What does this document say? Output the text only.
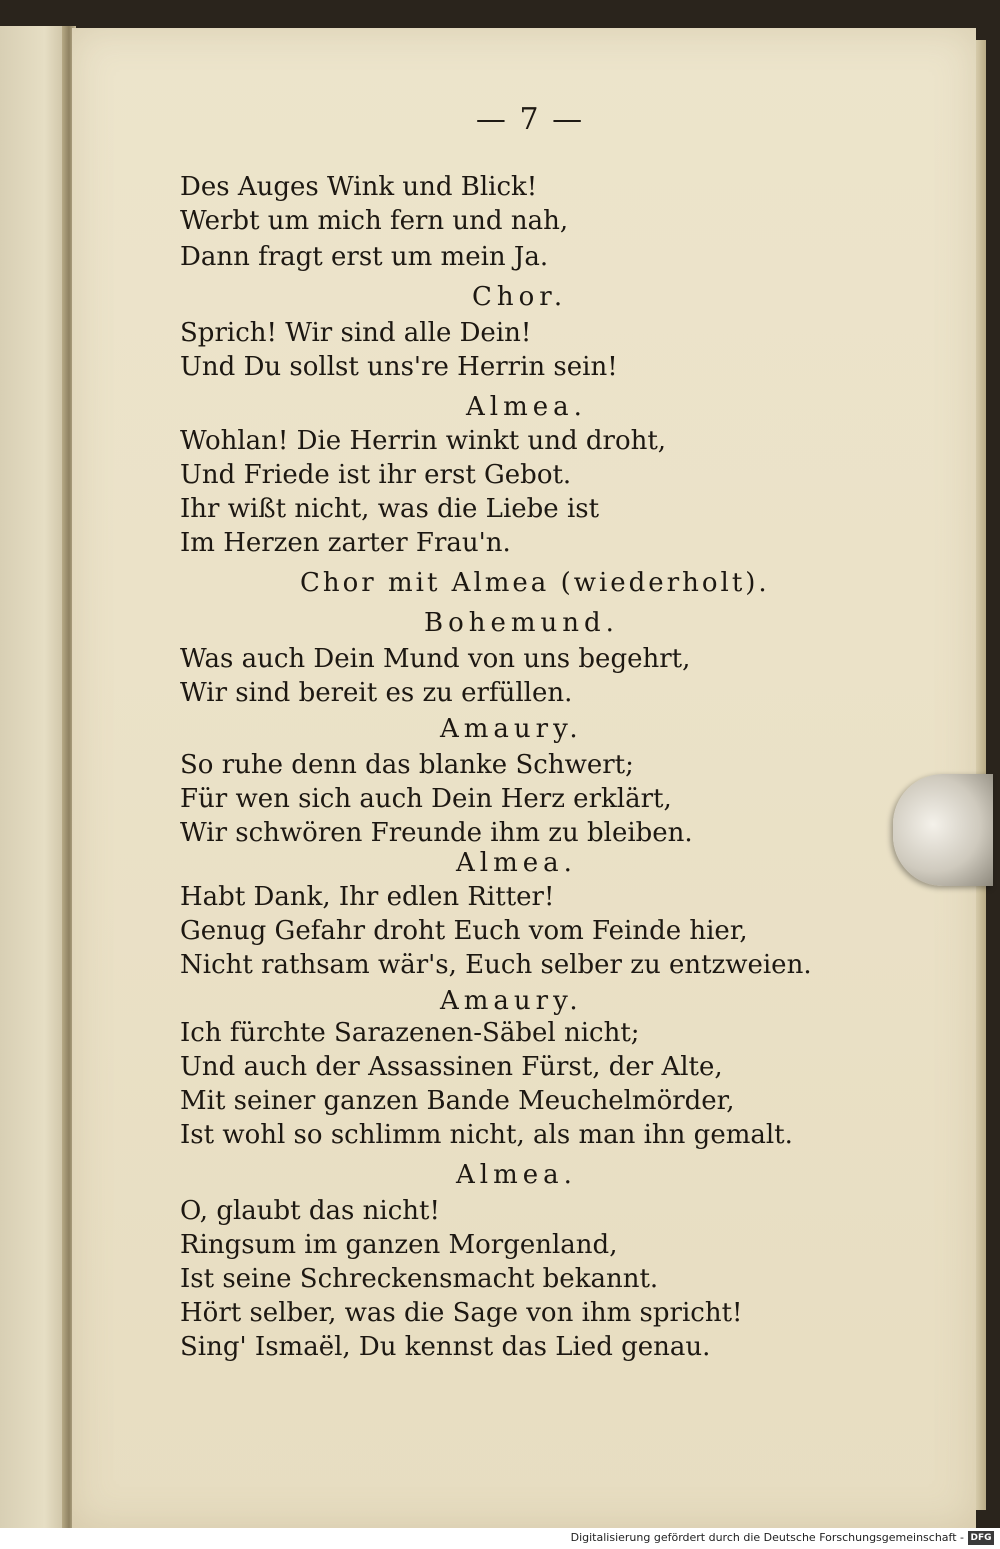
— 7 —
Des Auges Wink und Blick!
Werbt um mich fern und nah,
Dann fragt erst um mein Ja.
Chor.
Sprich! Wir sind alle Dein!
Und Du sollst uns're Herrin sein!
Almea.
Wohlan! Die Herrin winkt und droht,
Und Friede ist ihr erst Gebot.
Ihr wißt nicht, was die Liebe ist
Im Herzen zarter Frau'n.
Chor mit Almea (wiederholt).
Bohemund.
Was auch Dein Mund von uns begehrt,
Wir sind bereit es zu erfüllen.
Amaury.
So ruhe denn das blanke Schwert;
Für wen sich auch Dein Herz erklärt,
Wir schwören Freunde ihm zu bleiben.
Almea.
Habt Dank, Ihr edlen Ritter!
Genug Gefahr droht Euch vom Feinde hier,
Nicht rathsam wär's, Euch selber zu entzweien.
Amaury.
Ich fürchte Sarazenen-Säbel nicht;
Und auch der Assassinen Fürst, der Alte,
Mit seiner ganzen Bande Meuchelmörder,
Ist wohl so schlimm nicht, als man ihn gemalt.
Almea.
O, glaubt das nicht!
Ringsum im ganzen Morgenland,
Ist seine Schreckensmacht bekannt.
Hört selber, was die Sage von ihm spricht!
Sing' Ismaël, Du kennst das Lied genau.
Digitalisierung gefördert durch die Deutsche Forschungsgemeinschaft - DFG
